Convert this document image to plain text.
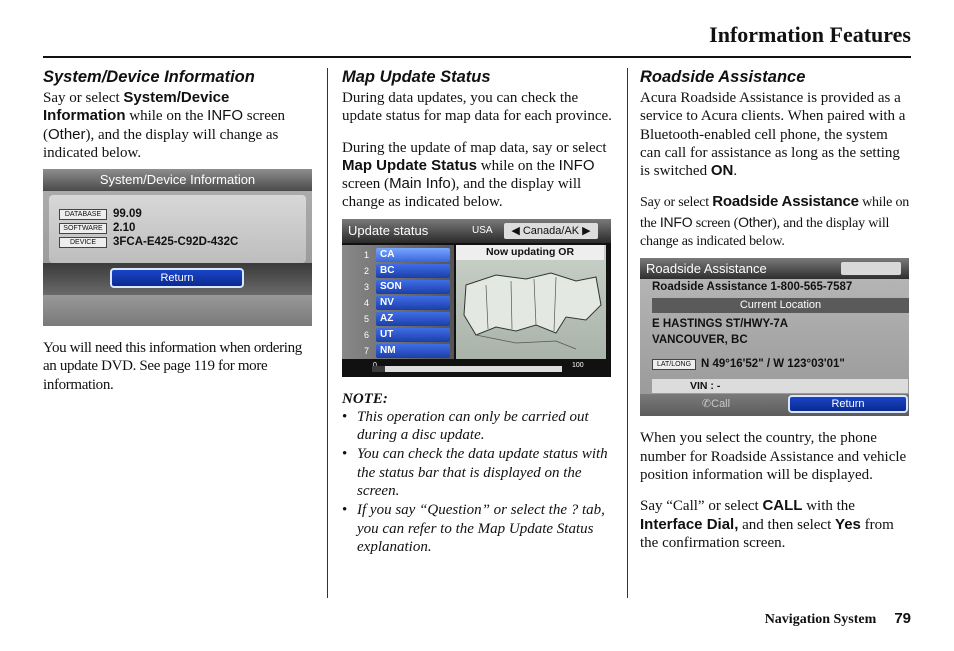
Information Features
System/Device Information

Say or select System/Device Information while on the INFO screen (Other), and the display will change as indicated below.

System/Device Information
DATABASE	99.09
SOFTWARE 2.10
DEVICE	3FCA-E425-C92D-432C
Return

You will need this information when ordering an update DVD. See page 119 for more information.

Map Update Status

During data updates, you can check the update status for map data for each province.

During the update of map data, say or select Map Update Status while on the INFO screen (Main Info), and the display will change as indicated below.

Update status	USA	◀ Canada/AK ▶
1	CA
2	BC
3	SON
4	NV
5	AZ
6	UT
7	NM
Now updating OR
100
NOTE:
• This operation can only be carried out during a disc update.
• You can check the data update status with the status bar that is displayed on the screen.
• If you say “Question” or select the ? tab, you can refer to the Map Update Status explanation.
Roadside Assistance

Acura Roadside Assistance is provided as a service to Acura clients. When paired with a Bluetooth-enabled cell phone, the system can call for assistance as long as the setting is switched ON.

Say or select Roadside Assistance while on the INFO screen (Other), and the display will change as indicated below.

Roadside Assistance
Roadside Assistance 1-800-565-7587
Current Location
E HASTINGS ST/HWY-7A
VANCOUVER, BC
LAT/LONG N 49°16'52" / W 123°03'01"
VIN : -
✆Call	Return

When you select the country, the phone number for Roadside Assistance and vehicle position information will be displayed.

Say “Call” or select CALL with the Interface Dial, and then select Yes from the confirmation screen.

Navigation System 79
